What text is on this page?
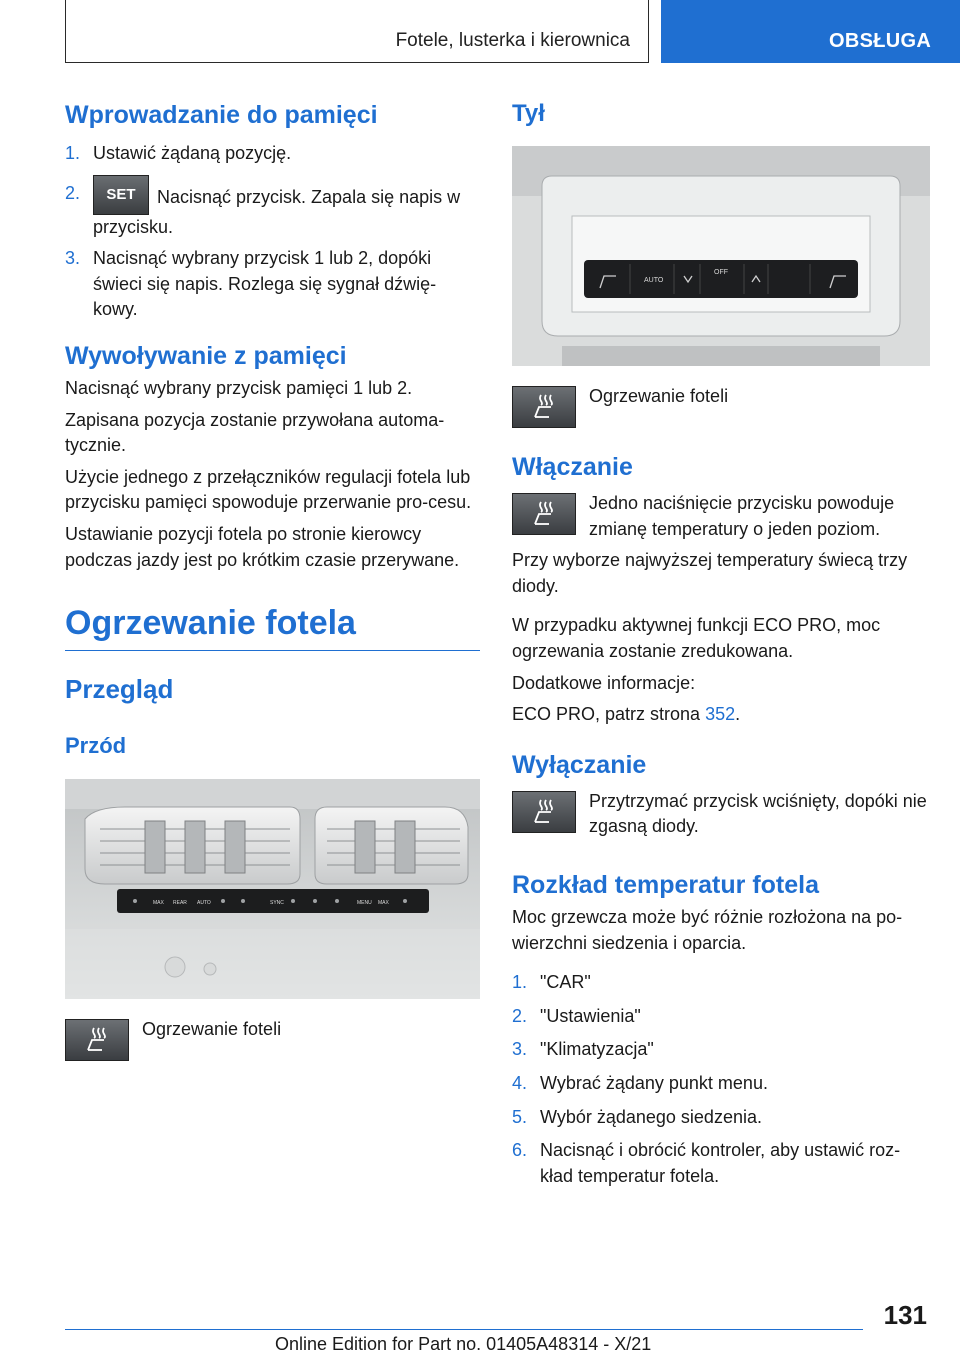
Fotele, lusterka i kierownica	OBSŁUGA
Wprowadzanie do pamięci
1. Ustawić żądaną pozycję.
2. SET Nacisnąć przycisk. Zapala się napis w przycisku.
3. Nacisnąć wybrany przycisk 1 lub 2, dopóki świeci się napis. Rozlega się sygnał dźwię‐kowy.
Wywoływanie z pamięci

Nacisnąć wybrany przycisk pamięci 1 lub 2.

Zapisana pozycja zostanie przywołana automa‐tycznie.

Użycie jednego z przełączników regulacji fotela lub przycisku pamięci spowoduje przerwanie pro‐cesu.

Ustawianie pozycji fotela po stronie kierowcy podczas jazdy jest po krótkim czasie przerywane.

Ogrzewanie fotela
Przegląd
Przód
MAX REAR AUTO	SYNC	MENU MAX

Ogrzewanie foteli

Tył
AUTO
OFF

Ogrzewanie foteli

Włączanie

Jedno naciśnięcie przycisku powoduje zmianę temperatury o jeden poziom.

Przy wyborze najwyższej temperatury świecą trzy diody.

W przypadku aktywnej funkcji ECO PRO, moc ogrzewania zostanie zredukowana.

Dodatkowe informacje:

ECO PRO, patrz strona 352.

Wyłączanie

Przytrzymać przycisk wciśnięty, dopóki nie zgasną diody.

Rozkład temperatur fotela

Moc grzewcza może być różnie rozłożona na po‐wierzchni siedzenia i oparcia.

1. "CAR"
2. "Ustawienia"
3. "Klimatyzacja"
4. Wybrać żądany punkt menu.
5. Wybór żądanego siedzenia.
6. Nacisnąć i obrócić kontroler, aby ustawić roz‐kład temperatur fotela.
131
Online Edition for Part no. 01405A48314 - X/21
